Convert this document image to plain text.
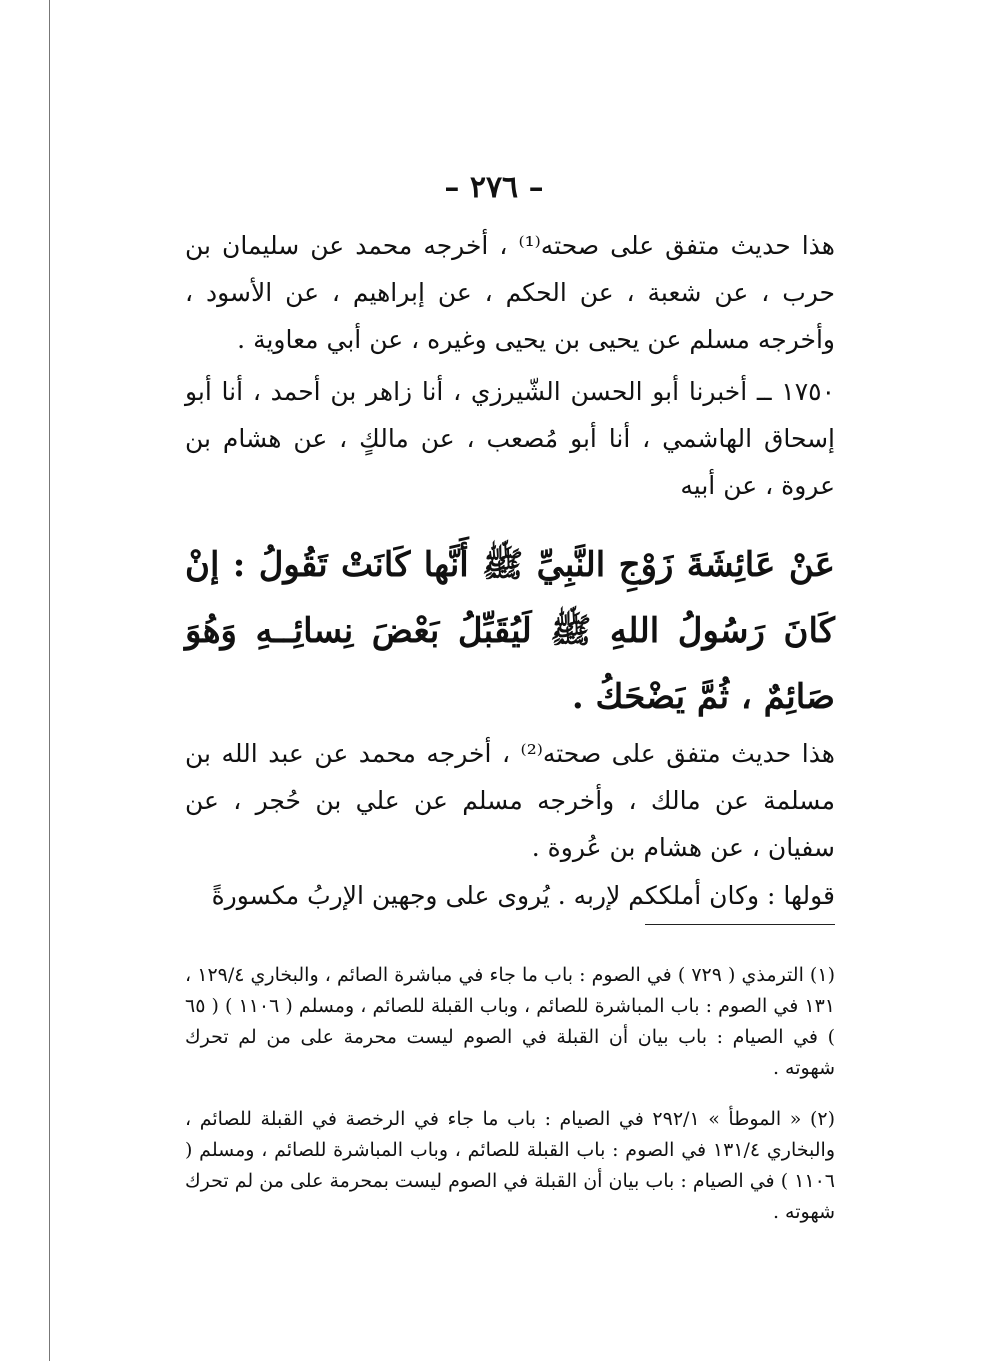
– ٢٧٦ –

هذا حديث متفق على صحته⁽¹⁾ ، أخرجه محمد عن سليمان بن حرب ، عن شعبة ، عن الحكم ، عن إبراهيم ، عن الأسود ، وأخرجه مسلم عن يحيى بن يحيى وغيره ، عن أبي معاوية .

١٧٥٠ ــ أخبرنا أبو الحسن الشّيرزي ، أنا زاهر بن أحمد ، أنا أبو إسحاق الهاشمي ، أنا أبو مُصعب ، عن مالكٍ ، عن هشام بن عروة ، عن أبيه

عَنْ عَائِشَةَ زَوْجِ النَّبِيِّ ﷺ أَنَّها كَانَتْ تَقُولُ : إنْ كَانَ رَسُولُ اللهِ ﷺ لَيُقَبِّلُ بَعْضَ نِسائِــهِ وَهُوَ صَائِمٌ ، ثُمَّ يَضْحَكُ .

هذا حديث متفق على صحته⁽²⁾ ، أخرجه محمد عن عبد الله بن مسلمة عن مالك ، وأخرجه مسلم عن علي بن حُجر ، عن سفيان ، عن هشام بن عُروة .

قولها : وكان أملككم لإربه . يُروى على وجهين الإربُ مكسورةً

(١) الترمذي ( ٧٢٩ ) في الصوم : باب ما جاء في مباشرة الصائم ، والبخاري ١٢٩/٤ ، ١٣١ في الصوم : باب المباشرة للصائم ، وباب القبلة للصائم ، ومسلم ( ١١٠٦ ) ( ٦٥ ) في الصيام : باب بيان أن القبلة في الصوم ليست محرمة على من لم تحرك شهوته .

(٢) « الموطأ » ٢٩٢/١ في الصيام : باب ما جاء في الرخصة في القبلة للصائم ، والبخاري ١٣١/٤ في الصوم : باب القبلة للصائم ، وباب المباشرة للصائم ، ومسلم ( ١١٠٦ ) في الصيام : باب بيان أن القبلة في الصوم ليست بمحرمة على من لم تحرك شهوته .
